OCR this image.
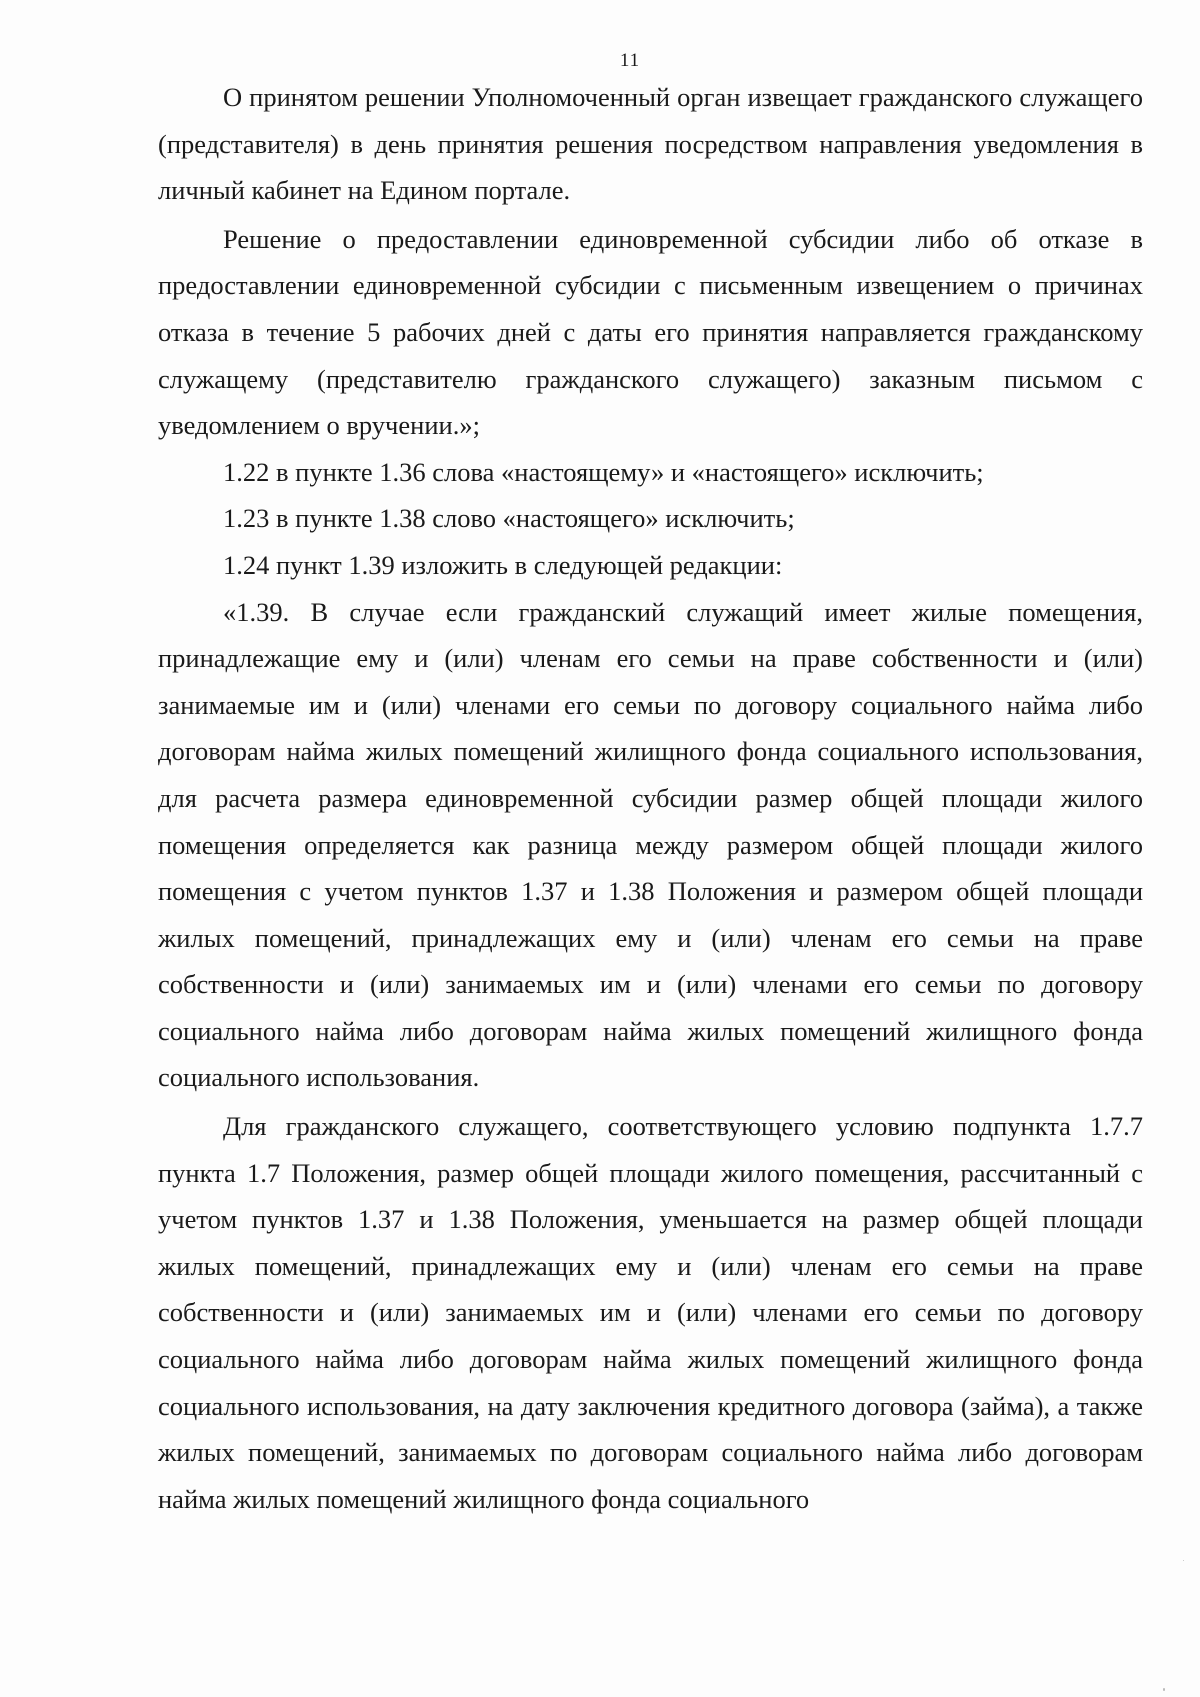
11

О принятом решении Уполномоченный орган извещает гражданского служащего (представителя) в день принятия решения посредством направления уведомления в личный кабинет на Едином портале.

Решение о предоставлении единовременной субсидии либо об отказе в предоставлении единовременной субсидии с письменным извещением о причинах отказа в течение 5 рабочих дней с даты его принятия направляется гражданскому служащему (представителю гражданского служащего) заказным письмом с уведомлением о вручении.»;

1.22 в пункте 1.36 слова «настоящему» и «настоящего» исключить;

1.23 в пункте 1.38 слово «настоящего» исключить;

1.24 пункт 1.39 изложить в следующей редакции:

«1.39. В случае если гражданский служащий имеет жилые помещения, принадлежащие ему и (или) членам его семьи на праве собственности и (или) занимаемые им и (или) членами его семьи по договору социального найма либо договорам найма жилых помещений жилищного фонда социального использования, для расчета размера единовременной субсидии размер общей площади жилого помещения определяется как разница между размером общей площади жилого помещения с учетом пунктов 1.37 и 1.38 Положения и размером общей площади жилых помещений, принадлежащих ему и (или) членам его семьи на праве собственности и (или) занимаемых им и (или) членами его семьи по договору социального найма либо договорам найма жилых помещений жилищного фонда социального использования.

Для гражданского служащего, соответствующего условию подпункта 1.7.7 пункта 1.7 Положения, размер общей площади жилого помещения, рассчитанный с учетом пунктов 1.37 и 1.38 Положения, уменьшается на размер общей площади жилых помещений, принадлежащих ему и (или) членам его семьи на праве собственности и (или) занимаемых им и (или) членами его семьи по договору социального найма либо договорам найма жилых помещений жилищного фонда социального использования, на дату заключения кредитного договора (займа), а также жилых помещений, занимаемых по договорам социального найма либо договорам найма жилых помещений жилищного фонда социального
